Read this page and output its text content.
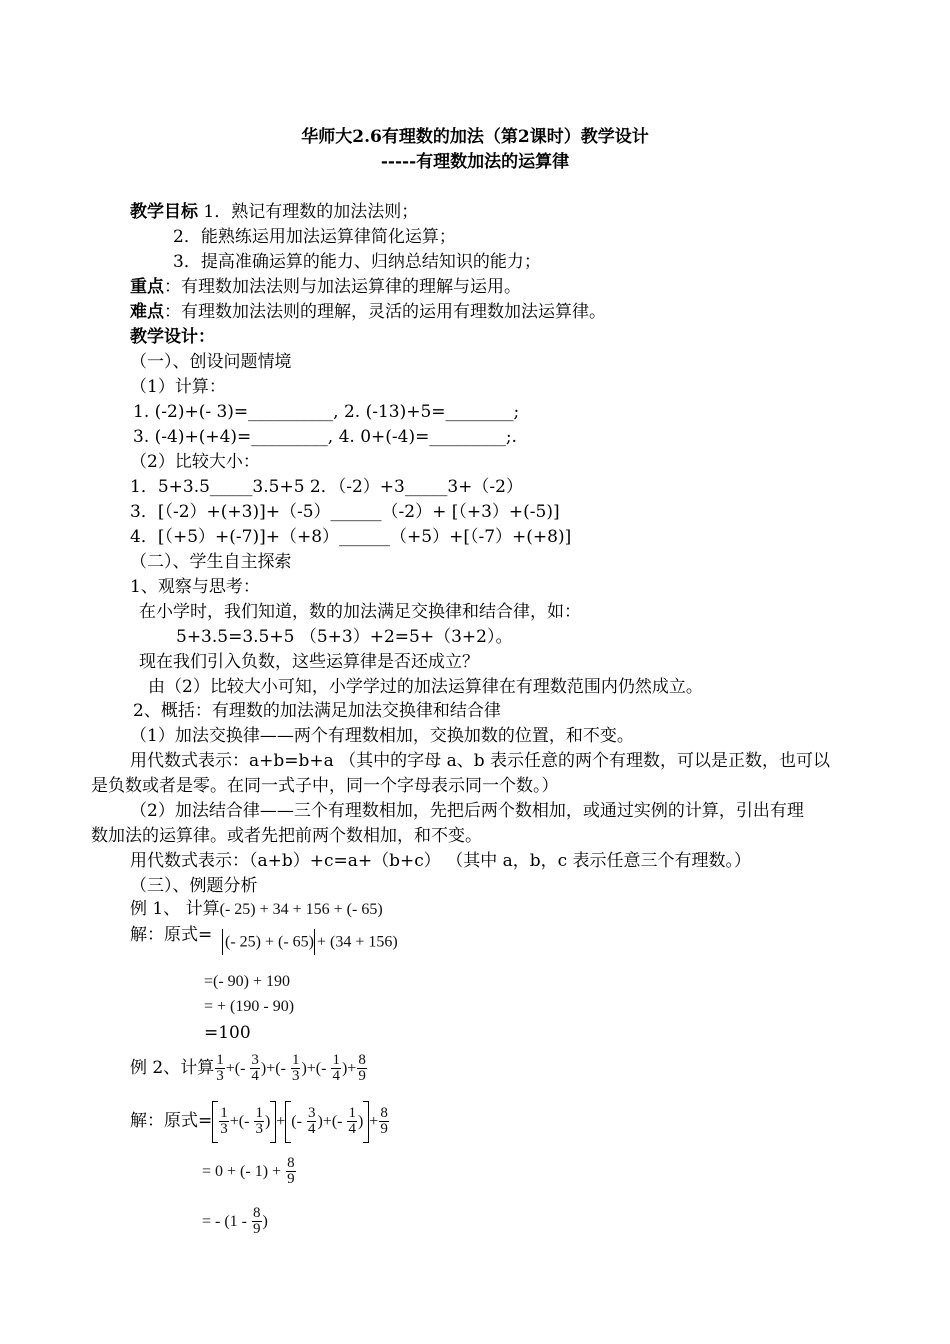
华师大2.6有理数的加法（第2课时）教学设计
-----有理数加法的运算律
教学目标 1．熟记有理数的加法法则；
2．能熟练运用加法运算律简化运算；
3．提高准确运算的能力、归纳总结知识的能力；
重点：有理数加法法则与加法运算律的理解与运用。
难点：有理数加法法则的理解，灵活的运用有理数加法运算律。
教学设计：
（一）、创设问题情境
（1）计算：
1. (-2)+(- 3)=__________, 2. (-13)+5=________;
3. (-4)+(+4)=_________, 4. 0+(-4)=_________;.
（2）比较大小：
1．5+3.5_____3.5+5 2．（-2）+3_____3+（-2）
3．[（-2）+(+3)]+（-5）______（-2）+ [（+3）+(-5)]
4．[（+5）+(-7)]+（+8）______（+5）+[（-7）+(+8)]
（二）、学生自主探索
1、观察与思考：
在小学时，我们知道，数的加法满足交换律和结合律，如：
5+3.5=3.5+5 （5+3）+2=5+（3+2）。
现在我们引入负数，这些运算律是否还成立？
由（2）比较大小可知，小学学过的加法运算律在有理数范围内仍然成立。
2、概括：有理数的加法满足加法交换律和结合律
（1）加法交换律——两个有理数相加，交换加数的位置，和不变。
用代数式表示：a+b=b+a （其中的字母 a、b 表示任意的两个有理数，可以是正数，也可以
是负数或者是零。在同一式子中，同一个字母表示同一个数。）
（2）加法结合律——三个有理数相加，先把后两个数相加，或通过实例的计算，引出有理
数加法的运算律。或者先把前两个数相加，和不变。
用代数式表示：（a+b）+c=a+（b+c） （其中 a，b，c 表示任意三个有理数。）
（三）、例题分析
例 1、 计算(- 25) + 34 + 156 + (- 65)
解：原式= (- 25) + (- 65) + (34 + 156)
=(- 90) + 190
= + (190 - 90)
=100
例 2、计算 $\frac{1}{3}$ +(- $\frac{3}{4}$ )+(- $\frac{1}{3}$ )+(- $\frac{1}{4}$ )+ $\frac{8}{9}$
解：原式= $\frac{1}{3}$ +(- $\frac{1}{3}$ ) + (- $\frac{3}{4}$ )+(- $\frac{1}{4}$ ) + $\frac{8}{9}$
= 0 + (- $1) + \frac{8}{9}$
= - ($1 - \frac{8}{9}$ )
